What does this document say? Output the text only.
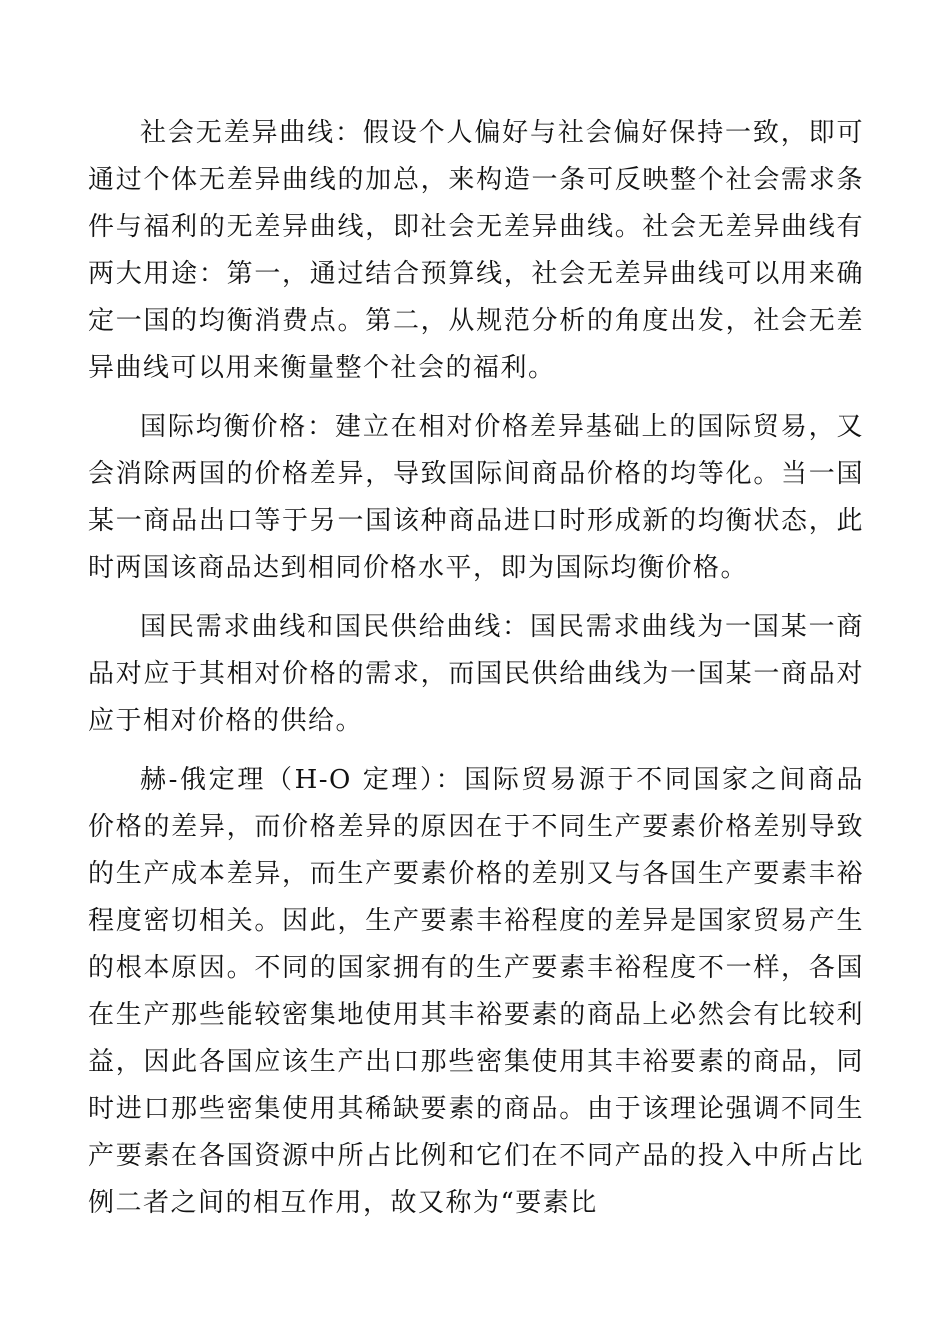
社会无差异曲线：假设个人偏好与社会偏好保持一致，即可通过个体无差异曲线的加总，来构造一条可反映整个社会需求条件与福利的无差异曲线，即社会无差异曲线。社会无差异曲线有两大用途：第一，通过结合预算线，社会无差异曲线可以用来确定一国的均衡消费点。第二，从规范分析的角度出发，社会无差异曲线可以用来衡量整个社会的福利。

国际均衡价格：建立在相对价格差异基础上的国际贸易，又会消除两国的价格差异，导致国际间商品价格的均等化。当一国某一商品出口等于另一国该种商品进口时形成新的均衡状态，此时两国该商品达到相同价格水平，即为国际均衡价格。

国民需求曲线和国民供给曲线：国民需求曲线为一国某一商品对应于其相对价格的需求，而国民供给曲线为一国某一商品对应于相对价格的供给。

赫-俄定理（H-O 定理）：国际贸易源于不同国家之间商品价格的差异，而价格差异的原因在于不同生产要素价格差别导致的生产成本差异，而生产要素价格的差别又与各国生产要素丰裕程度密切相关。因此，生产要素丰裕程度的差异是国家贸易产生的根本原因。不同的国家拥有的生产要素丰裕程度不一样，各国在生产那些能较密集地使用其丰裕要素的商品上必然会有比较利益，因此各国应该生产出口那些密集使用其丰裕要素的商品，同时进口那些密集使用其稀缺要素的商品。由于该理论强调不同生产要素在各国资源中所占比例和它们在不同产品的投入中所占比例二者之间的相互作用，故又称为“要素比
